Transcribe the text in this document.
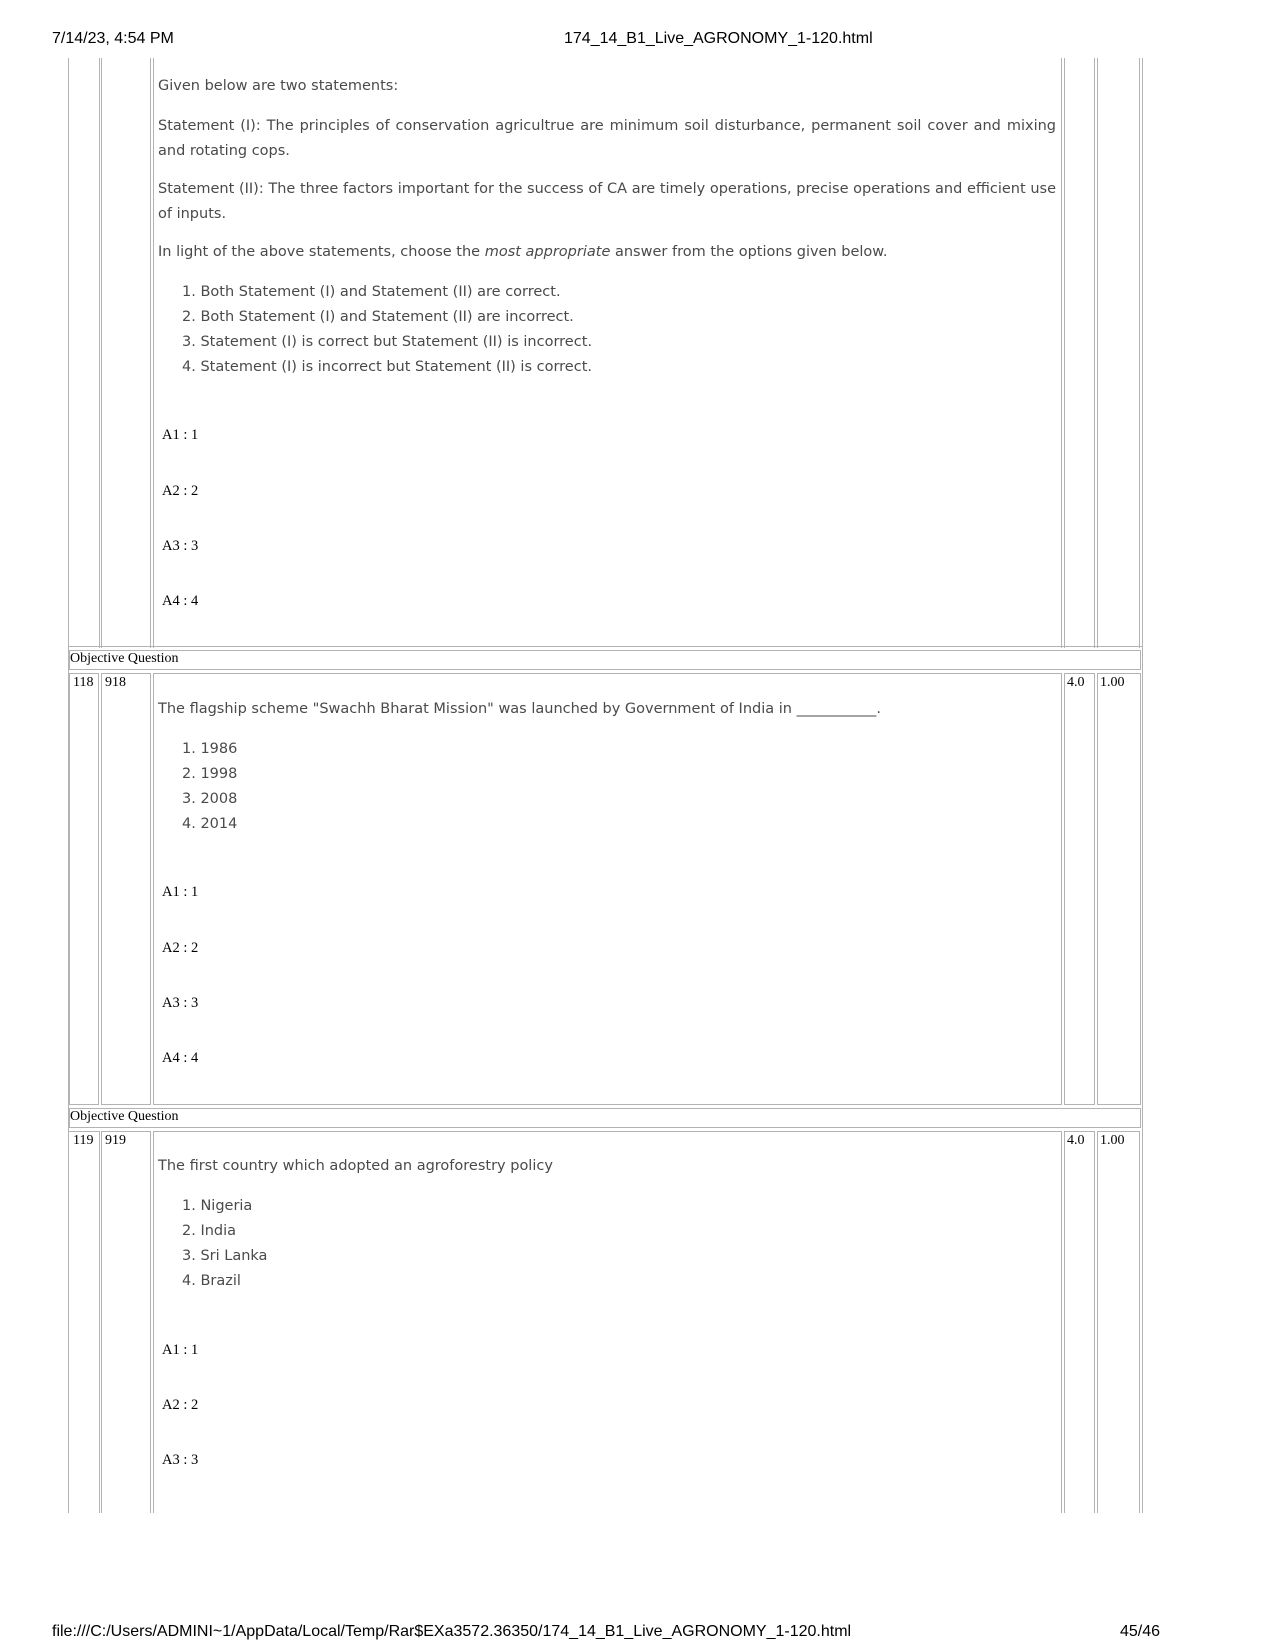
7/14/23, 4:54 PM	174_14_B1_Live_AGRONOMY_1-120.html
Given below are two statements:
Statement (I): The principles of conservation agricultrue are minimum soil disturbance, permanent soil cover and mixing and rotating cops.
Statement (II): The three factors important for the success of CA are timely operations, precise operations and efficient use of inputs.
In light of the above statements, choose the most appropriate answer from the options given below.
1. Both Statement (I) and Statement (II) are correct.
2. Both Statement (I) and Statement (II) are incorrect.
3. Statement (I) is correct but Statement (II) is incorrect.
4. Statement (I) is incorrect but Statement (II) is correct.
A1 : 1
A2 : 2
A3 : 3
A4 : 4
Objective Question
118 918	4.0 1.00
The flagship scheme "Swachh Bharat Mission" was launched by Government of India in ___________.
1. 1986
2. 1998
3. 2008
4. 2014
A1 : 1
A2 : 2
A3 : 3
A4 : 4
Objective Question
119 919	4.0 1.00
The first country which adopted an agroforestry policy
1. Nigeria
2. India
3. Sri Lanka
4. Brazil
A1 : 1
A2 : 2
A3 : 3
file:///C:/Users/ADMINI~1/AppData/Local/Temp/Rar$EXa3572.36350/174_14_B1_Live_AGRONOMY_1-120.html	45/46
